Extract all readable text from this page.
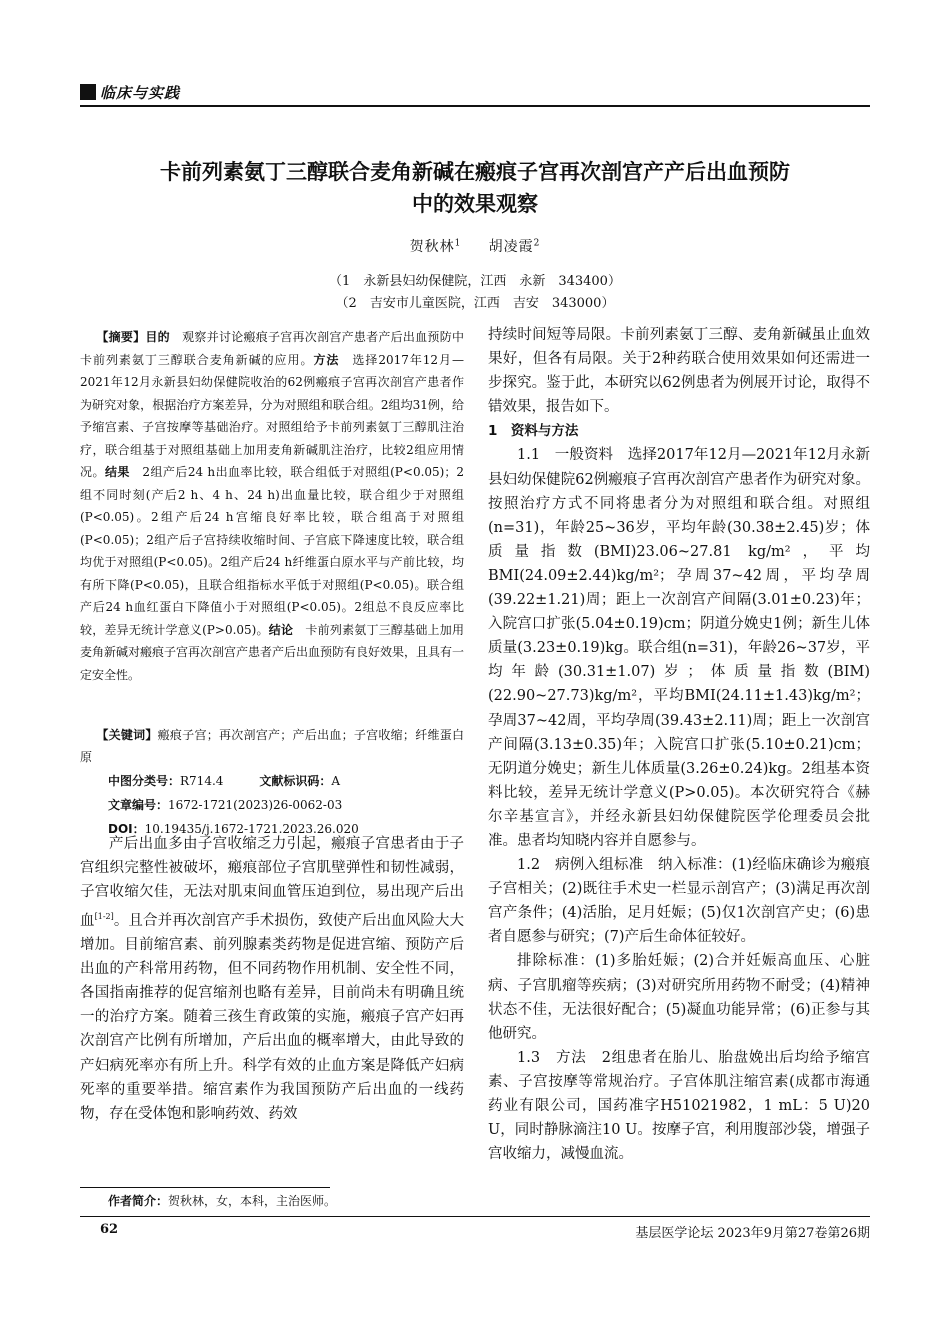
临床与实践
卡前列素氨丁三醇联合麦角新碱在瘢痕子宫再次剖宫产产后出血预防
中的效果观察
贺秋林$^1$ 胡凌霞$^2$
（1　永新县妇幼保健院，江西　永新　343400）
（2　吉安市儿童医院，江西　吉安　343000）

【摘要】目的　观察并讨论瘢痕子宫再次剖宫产患者产后出血预防中卡前列素氨丁三醇联合麦角新碱的应用。方法　选择2017年12月—2021年12月永新县妇幼保健院收治的62例瘢痕子宫再次剖宫产患者作为研究对象，根据治疗方案差异，分为对照组和联合组。2组均31例，给予缩宫素、子宫按摩等基础治疗。对照组给予卡前列素氨丁三醇肌注治疗，联合组基于对照组基础上加用麦角新碱肌注治疗，比较2组应用情况。结果　2组产后24 h出血率比较，联合组低于对照组(P<0.05)；2组不同时刻(产后2 h、4 h、24 h)出血量比较，联合组少于对照组(P<0.05)。2组产后24 h宫缩良好率比较，联合组高于对照组(P<0.05)；2组产后子宫持续收缩时间、子宫底下降速度比较，联合组均优于对照组(P<0.05)。2组产后24 h纤维蛋白原水平与产前比较，均有所下降(P<0.05)，且联合组指标水平低于对照组(P<0.05)。联合组产后24 h血红蛋白下降值小于对照组(P<0.05)。2组总不良反应率比较，差异无统计学意义(P>0.05)。结论　卡前列素氨丁三醇基础上加用麦角新碱对瘢痕子宫再次剖宫产患者产后出血预防有良好效果，且具有一定安全性。

【关键词】瘢痕子宫；再次剖宫产；产后出血；子宫收缩；纤维蛋白原
中图分类号：R714.4	文献标识码：A
文章编号：1672-1721(2023)26-0062-03
DOI：10.19435/j.1672-1721.2023.26.020
产后出血多由子宫收缩乏力引起，瘢痕子宫患者由于子宫组织完整性被破坏，瘢痕部位子宫肌壁弹性和韧性减弱，子宫收缩欠佳，无法对肌束间血管压迫到位，易出现产后出血[1-2]。且合并再次剖宫产手术损伤，致使产后出血风险大大增加。目前缩宫素、前列腺素类药物是促进宫缩、预防产后出血的产科常用药物，但不同药物作用机制、安全性不同，各国指南推荐的促宫缩剂也略有差异，目前尚未有明确且统一的治疗方案。随着三孩生育政策的实施，瘢痕子宫产妇再次剖宫产比例有所增加，产后出血的概率增大，由此导致的产妇病死率亦有所上升。科学有效的止血方案是降低产妇病死率的重要举措。缩宫素作为我国预防产后出血的一线药物，存在受体饱和影响药效、药效
作者简介：贺秋林，女，本科，主治医师。

持续时间短等局限。卡前列素氨丁三醇、麦角新碱虽止血效果好，但各有局限。关于2种药联合使用效果如何还需进一步探究。鉴于此，本研究以62例患者为例展开讨论，取得不错效果，报告如下。

1　资料与方法

1.1　一般资料　选择2017年12月—2021年12月永新县妇幼保健院62例瘢痕子宫再次剖宫产患者作为研究对象。按照治疗方式不同将患者分为对照组和联合组。对照组(n=31)，年龄25~36岁，平均年龄(30.38±2.45)岁；体质量指数(BMI)23.06~27.81 kg/m²，平均BMI(24.09±2.44)kg/m²；孕周37~42周，平均孕周(39.22±1.21)周；距上一次剖宫产间隔(3.01±0.23)年；入院宫口扩张(5.04±0.19)cm；阴道分娩史1例；新生儿体质量(3.23±0.19)kg。联合组(n=31)，年龄26~37岁，平均年龄(30.31±1.07)岁；体质量指数(BIM)(22.90~27.73)kg/m²，平均BMI(24.11±1.43)kg/m²；孕周37~42周，平均孕周(39.43±2.11)周；距上一次剖宫产间隔(3.13±0.35)年；入院宫口扩张(5.10±0.21)cm；无阴道分娩史；新生儿体质量(3.26±0.24)kg。2组基本资料比较，差异无统计学意义(P>0.05)。本次研究符合《赫尔辛基宣言》，并经永新县妇幼保健院医学伦理委员会批准。患者均知晓内容并自愿参与。

1.2　病例入组标准　纳入标准：(1)经临床确诊为瘢痕子宫相关；(2)既往手术史一栏显示剖宫产；(3)满足再次剖宫产条件；(4)活胎，足月妊娠；(5)仅1次剖宫产史；(6)患者自愿参与研究；(7)产后生命体征较好。

排除标准：(1)多胎妊娠；(2)合并妊娠高血压、心脏病、子宫肌瘤等疾病；(3)对研究所用药物不耐受；(4)精神状态不佳，无法很好配合；(5)凝血功能异常；(6)正参与其他研究。

1.3　方法　2组患者在胎儿、胎盘娩出后均给予缩宫素、子宫按摩等常规治疗。子宫体肌注缩宫素(成都市海通药业有限公司，国药准字H51021982，1 mL：5 U)20 U，同时静脉滴注10 U。按摩子宫，利用腹部沙袋，增强子宫收缩力，减慢血流。

62	基层医学论坛 2023年9月第27卷第26期
